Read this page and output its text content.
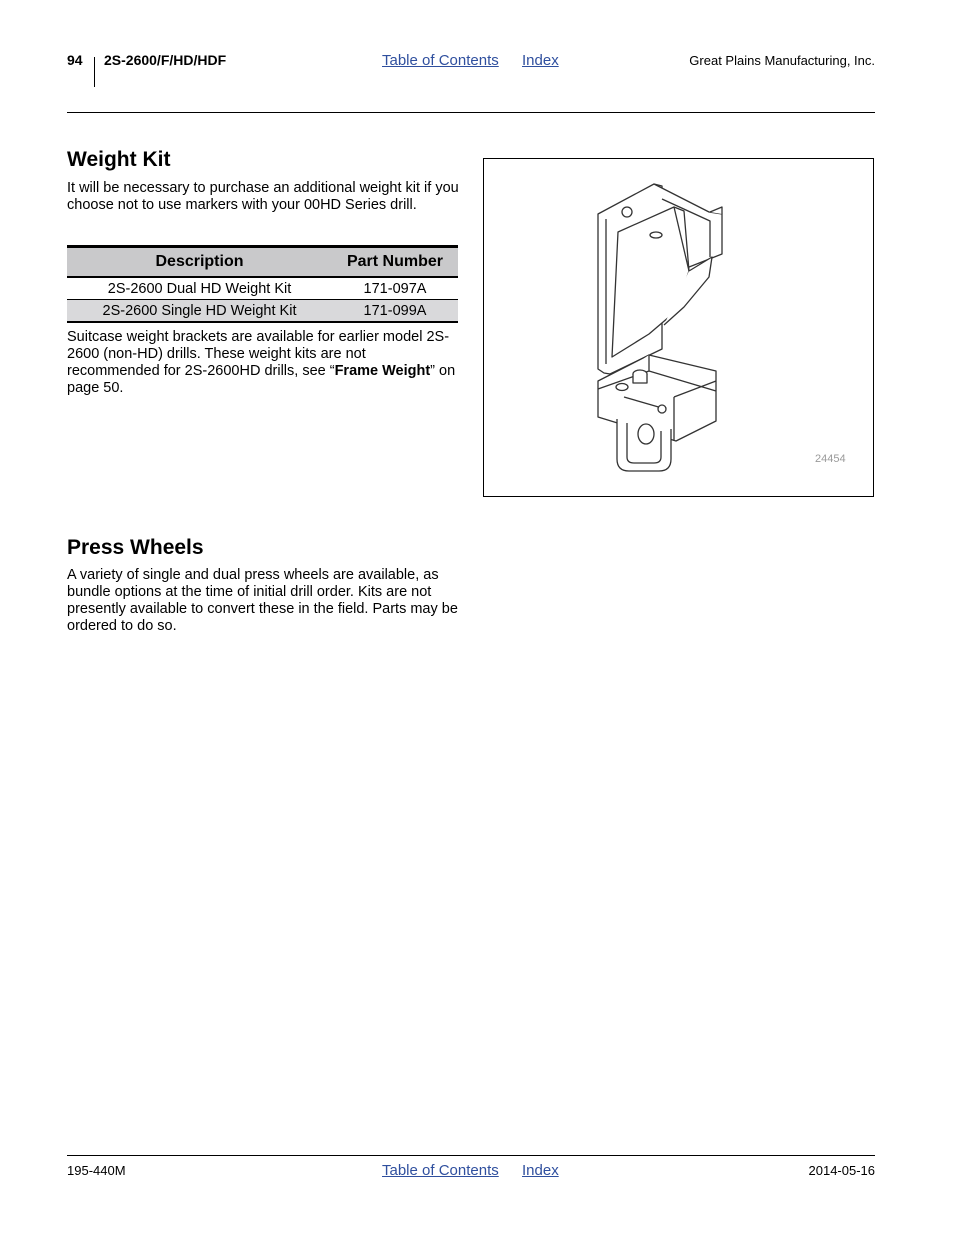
94 2S-2600/F/HD/HDF	Table of Contents Index	Great Plains Manufacturing, Inc.
Weight Kit
It will be necessary to purchase an additional weight kit if you choose not to use markers with your 00HD Series drill.
Description	Part Number
2S-2600 Dual HD Weight Kit	171-097A
2S-2600 Single HD Weight Kit	171-099A
Suitcase weight brackets are available for earlier model 2S-2600 (non-HD) drills. These weight kits are not recommended for 2S-2600HD drills, see “Frame Weight” on page 50.
24454
Press Wheels
A variety of single and dual press wheels are available, as bundle options at the time of initial drill order. Kits are not presently available to convert these in the field. Parts may be ordered to do so.
195-440M	Table of Contents Index	2014-05-16
